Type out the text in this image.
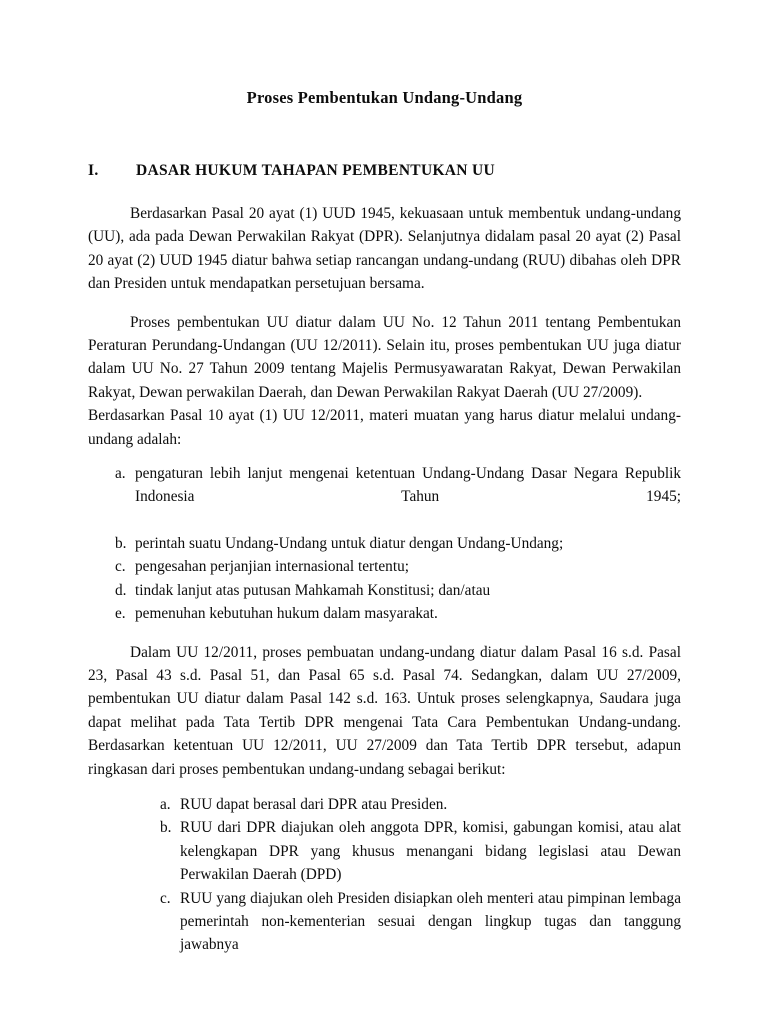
Proses Pembentukan Undang-Undang
I.	DASAR HUKUM TAHAPAN PEMBENTUKAN UU

Berdasarkan Pasal 20 ayat (1) UUD 1945, kekuasaan untuk membentuk undang-undang (UU), ada pada Dewan Perwakilan Rakyat (DPR). Selanjutnya didalam pasal 20 ayat (2) Pasal 20 ayat (2) UUD 1945 diatur bahwa setiap rancangan undang-undang (RUU) dibahas oleh DPR dan Presiden untuk mendapatkan persetujuan bersama.

Proses pembentukan UU diatur dalam UU No. 12 Tahun 2011 tentang Pembentukan Peraturan Perundang-Undangan (UU 12/2011). Selain itu, proses pembentukan UU juga diatur dalam UU No. 27 Tahun 2009 tentang Majelis Permusyawaratan Rakyat, Dewan Perwakilan Rakyat, Dewan perwakilan Daerah, dan Dewan Perwakilan Rakyat Daerah (UU 27/2009).

Berdasarkan Pasal 10 ayat (1) UU 12/2011, materi muatan yang harus diatur melalui undang-undang adalah:

a. pengaturan lebih lanjut mengenai ketentuan Undang-Undang Dasar Negara Republik Indonesia Tahun 1945;
b. perintah suatu Undang-Undang untuk diatur dengan Undang-Undang;
c. pengesahan perjanjian internasional tertentu;
d. tindak lanjut atas putusan Mahkamah Konstitusi; dan/atau
e. pemenuhan kebutuhan hukum dalam masyarakat.

Dalam UU 12/2011, proses pembuatan undang-undang diatur dalam Pasal 16 s.d. Pasal 23, Pasal 43 s.d. Pasal 51, dan Pasal 65 s.d. Pasal 74. Sedangkan, dalam UU 27/2009, pembentukan UU diatur dalam Pasal 142 s.d. 163. Untuk proses selengkapnya, Saudara juga dapat melihat pada Tata Tertib DPR mengenai Tata Cara Pembentukan Undang-undang. Berdasarkan ketentuan UU 12/2011, UU 27/2009 dan Tata Tertib DPR tersebut, adapun ringkasan dari proses pembentukan undang-undang sebagai berikut:

a. RUU dapat berasal dari DPR atau Presiden.
b. RUU dari DPR diajukan oleh anggota DPR, komisi, gabungan komisi, atau alat kelengkapan DPR yang khusus menangani bidang legislasi atau Dewan Perwakilan Daerah (DPD)
c. RUU yang diajukan oleh Presiden disiapkan oleh menteri atau pimpinan lembaga pemerintah non-kementerian sesuai dengan lingkup tugas dan tanggung jawabnya
